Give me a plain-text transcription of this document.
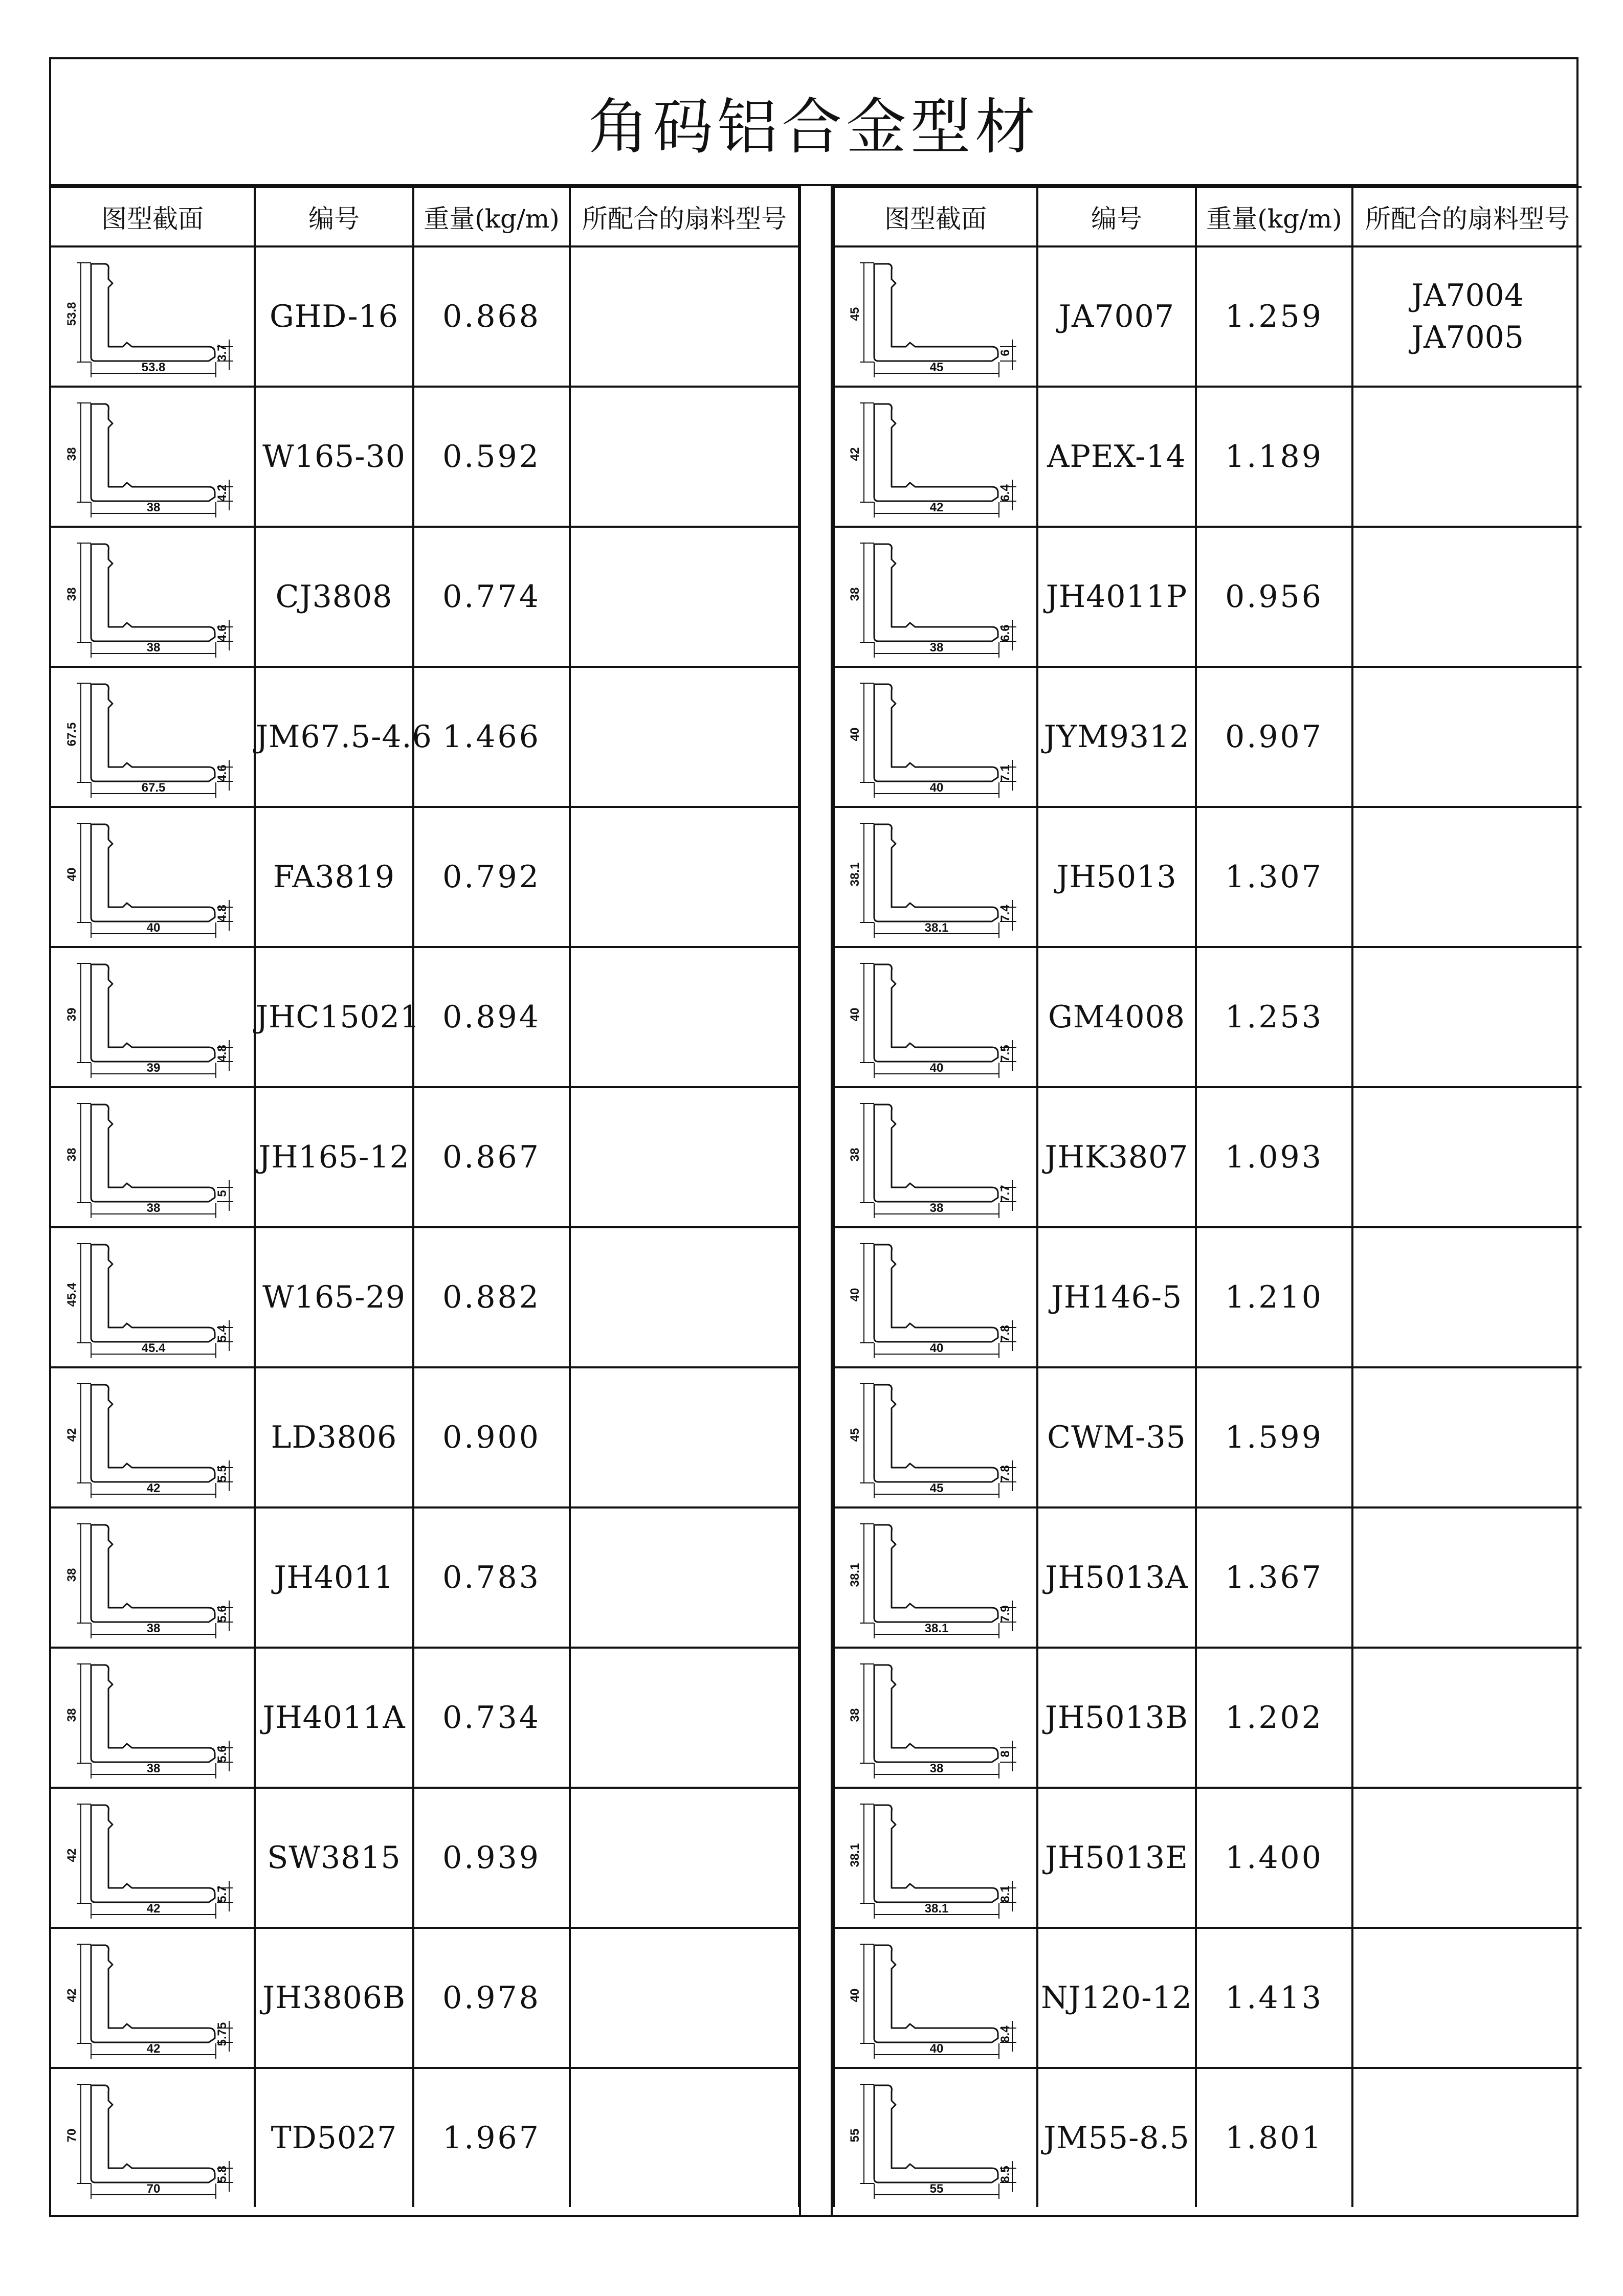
角码铝合金型材
图型截面	编号	重量(kg/m)	所配合的扇料型号

53.8
53.8
3.7	GHD-16	0.868	

38
38
4.2	W165-30	0.592	

38
38
4.6	CJ3808	0.774	

67.5
67.5
4.6	JM67.5-4.6	1.466	

40
40
4.8	FA3819	0.792	

39
39
4.8	JHC15021	0.894	

38
38
5	JH165-12	0.867	

45.4
45.4
5.4	W165-29	0.882	

42
42
5.5	LD3806	0.900	

38
38
5.6	JH4011	0.783	

38
38
5.6	JH4011A	0.734	

42
42
5.7	SW3815	0.939	

42
42
5.75	JH3806B	0.978	

70
70
5.8	TD5027	1.967	
图型截面	编号	重量(kg/m)	所配合的扇料型号

45
45
6	JA7007	1.259	JA7004
JA7005

42
42
6.4	APEX-14	1.189	

38
38
6.6	JH4011P	0.956	

40
40
7.1	JYM9312	0.907	

38.1
38.1
7.4	JH5013	1.307	

40
40
7.5	GM4008	1.253	

38
38
7.7	JHK3807	1.093	

40
40
7.8	JH146-5	1.210	

45
45
7.8	CWM-35	1.599	

38.1
38.1
7.9	JH5013A	1.367	

38
38
8	JH5013B	1.202	

38.1
38.1
8.1	JH5013E	1.400	

40
40
8.4	NJ120-12	1.413	

55
55
8.5	JM55-8.5	1.801	
